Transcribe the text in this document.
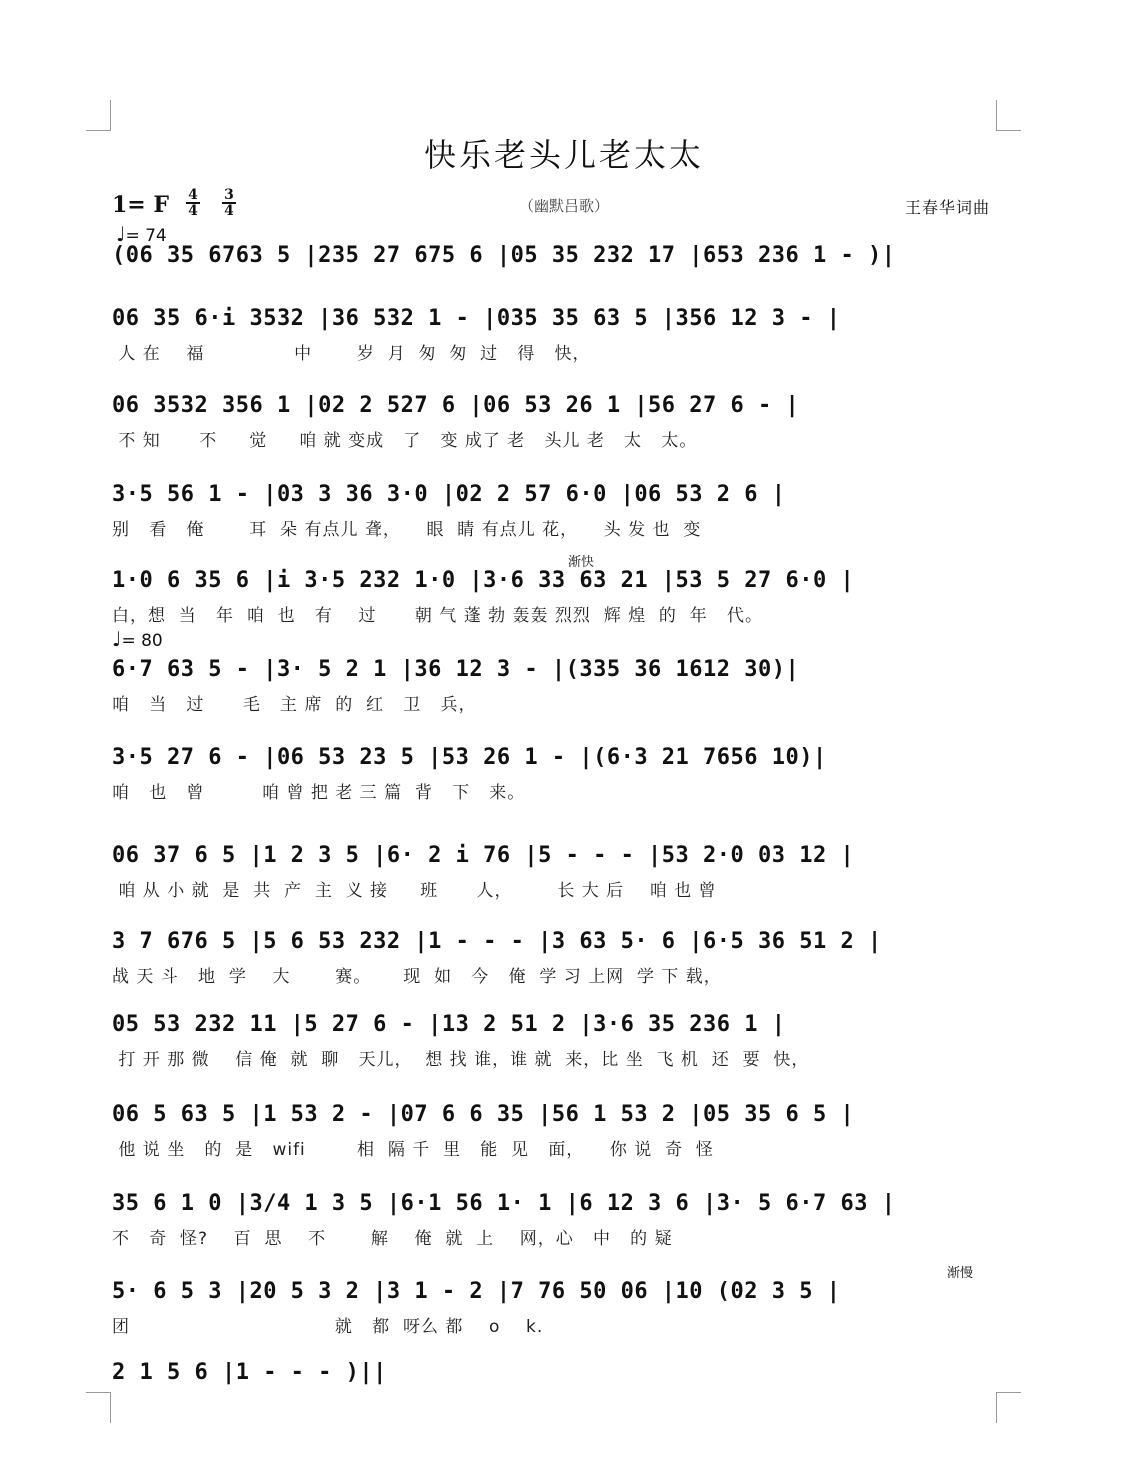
快乐老头儿老太太
1= F 4
4
3
4	（幽默吕歌）	王春华词曲
♩= 74
♩= 80
渐快
渐慢
(06 35 6763 5 |235 27 675 6 |05 35 232 17 |653 236 1 - )|
06 35 6·i 3532 |36 532 1 - |035 35 63 5 |356 12 3 - |
人 在    福              中       岁  月  匆  匆  过   得   快，
06 3532 356 1 |02 2 527 6 |06 53 26 1 |56 27 6 - |
不 知      不     觉     咱 就 变成   了   变 成了 老   头儿 老   太   太。
3·5 56 1 - |03 3 36 3·0 |02 2 57 6·0 |06 53 2 6 |
别   看   俺       耳  朵 有点儿 聋，    眼  睛 有点儿 花，    头 发 也  变
1·0 6 35 6 |i 3·5 232 1·0 |3·6 33 63 21 |53 5 27 6·0 |
白，想  当   年  咱  也   有    过      朝 气 蓬 勃 轰轰 烈烈  辉 煌  的  年   代。
6·7 63 5 - |3· 5 2 1 |36 12 3 - |(335 36 1612 30)|
咱   当   过      毛   主 席  的  红   卫   兵，
3·5 27 6 - |06 53 23 5 |53 26 1 - |(6·3 21 7656 10)|
咱   也   曾         咱 曾 把 老 三 篇  背   下   来。
06 37 6 5 |1 2 3 5 |6· 2 i 76 |5 - - - |53 2·0 03 12 |
咱 从 小 就  是  共  产  主  义 接     班      人，       长 大 后    咱 也 曾
3 7 676 5 |5 6 53 232 |1 - - - |3 63 5· 6 |6·5 36 51 2 |
战 天 斗   地  学    大       赛。     现  如   今   俺  学 习 上网  学 下 载，
05 53 232 11 |5 27 6 - |13 2 51 2 |3·6 35 236 1 |
打 开 那 微    信 俺  就  聊   天儿，  想 找 谁，谁 就  来，比 坐  飞 机  还  要  快，
06 5 63 5 |1 53 2 - |07 6 6 35 |56 1 53 2 |05 35 6 5 |
他 说 坐   的  是   wifi        相  隔 千  里   能  见   面，    你 说  奇  怪
35 6 1 0 |3/4 1 3 5 |6·1 56 1· 1 |6 12 3 6 |3· 5 6·7 63 |
不   奇  怪?    百  思    不       解    俺  就  上    网，心   中   的 疑
5· 6 5 3 |20 5 3 2 |3 1 - 2 |7 76 50 06 |10 (02 3 5 |
团                                就   都  呀么 都    o    k.
2 1 5 6 |1 - - - )||
